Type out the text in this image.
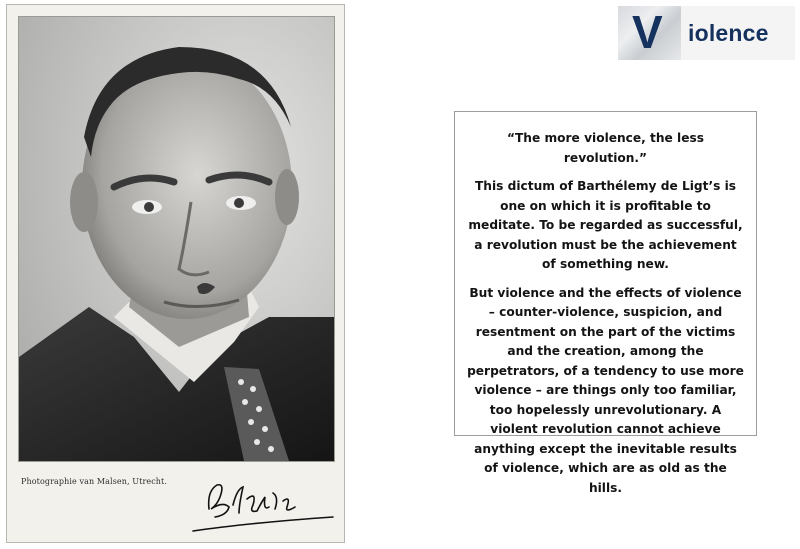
Photographie van Malsen, Utrecht.
V iolence

“The more violence, the less revolution.”

This dictum of Barthélemy de Ligt’s is one on which it is profitable to meditate. To be regarded as successful, a revolution must be the achievement of something new.

But violence and the effects of violence – counter-violence, suspicion, and resentment on the part of the victims and the creation, among the perpetrators, of a tendency to use more violence – are things only too familiar, too hopelessly unrevolutionary. A violent revolution cannot achieve anything except the inevitable results of violence, which are as old as the hills.
